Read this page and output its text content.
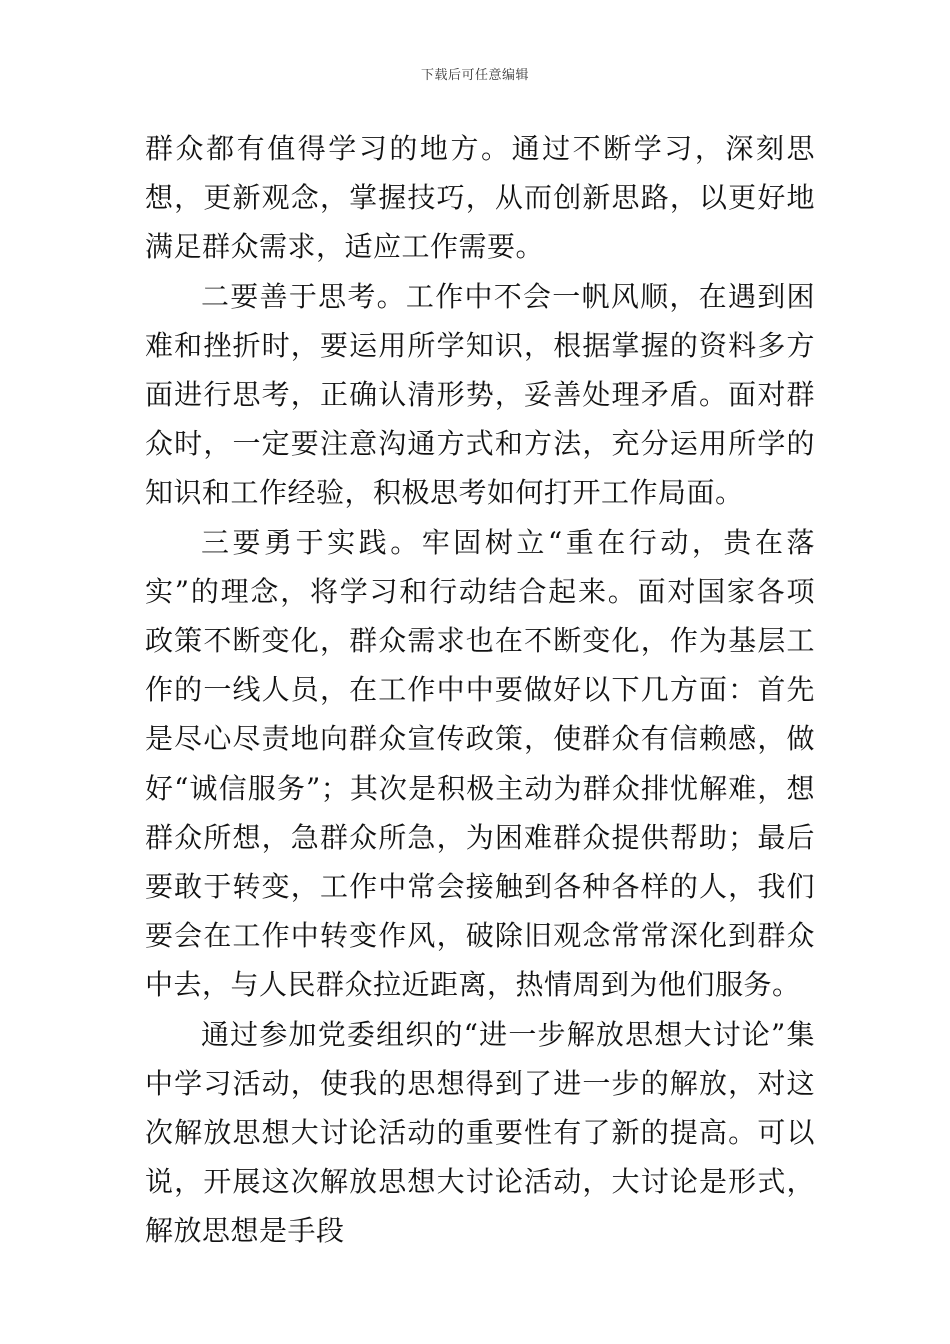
下载后可任意编辑

群众都有值得学习的地方。通过不断学习，深刻思想，更新观念，掌握技巧，从而创新思路，以更好地满足群众需求，适应工作需要。

二要善于思考。工作中不会一帆风顺，在遇到困难和挫折时，要运用所学知识，根据掌握的资料多方面进行思考，正确认清形势，妥善处理矛盾。面对群众时，一定要注意沟通方式和方法，充分运用所学的知识和工作经验，积极思考如何打开工作局面。

三要勇于实践。牢固树立“重在行动，贵在落实”的理念，将学习和行动结合起来。面对国家各项政策不断变化，群众需求也在不断变化，作为基层工作的一线人员，在工作中中要做好以下几方面：首先是尽心尽责地向群众宣传政策，使群众有信赖感，做好“诚信服务”；其次是积极主动为群众排忧解难，想群众所想，急群众所急，为困难群众提供帮助；最后要敢于转变，工作中常会接触到各种各样的人，我们要会在工作中转变作风，破除旧观念常常深化到群众中去，与人民群众拉近距离，热情周到为他们服务。

通过参加党委组织的“进一步解放思想大讨论”集中学习活动，使我的思想得到了进一步的解放，对这次解放思想大讨论活动的重要性有了新的提高。可以说，开展这次解放思想大讨论活动，大讨论是形式，解放思想是手段
